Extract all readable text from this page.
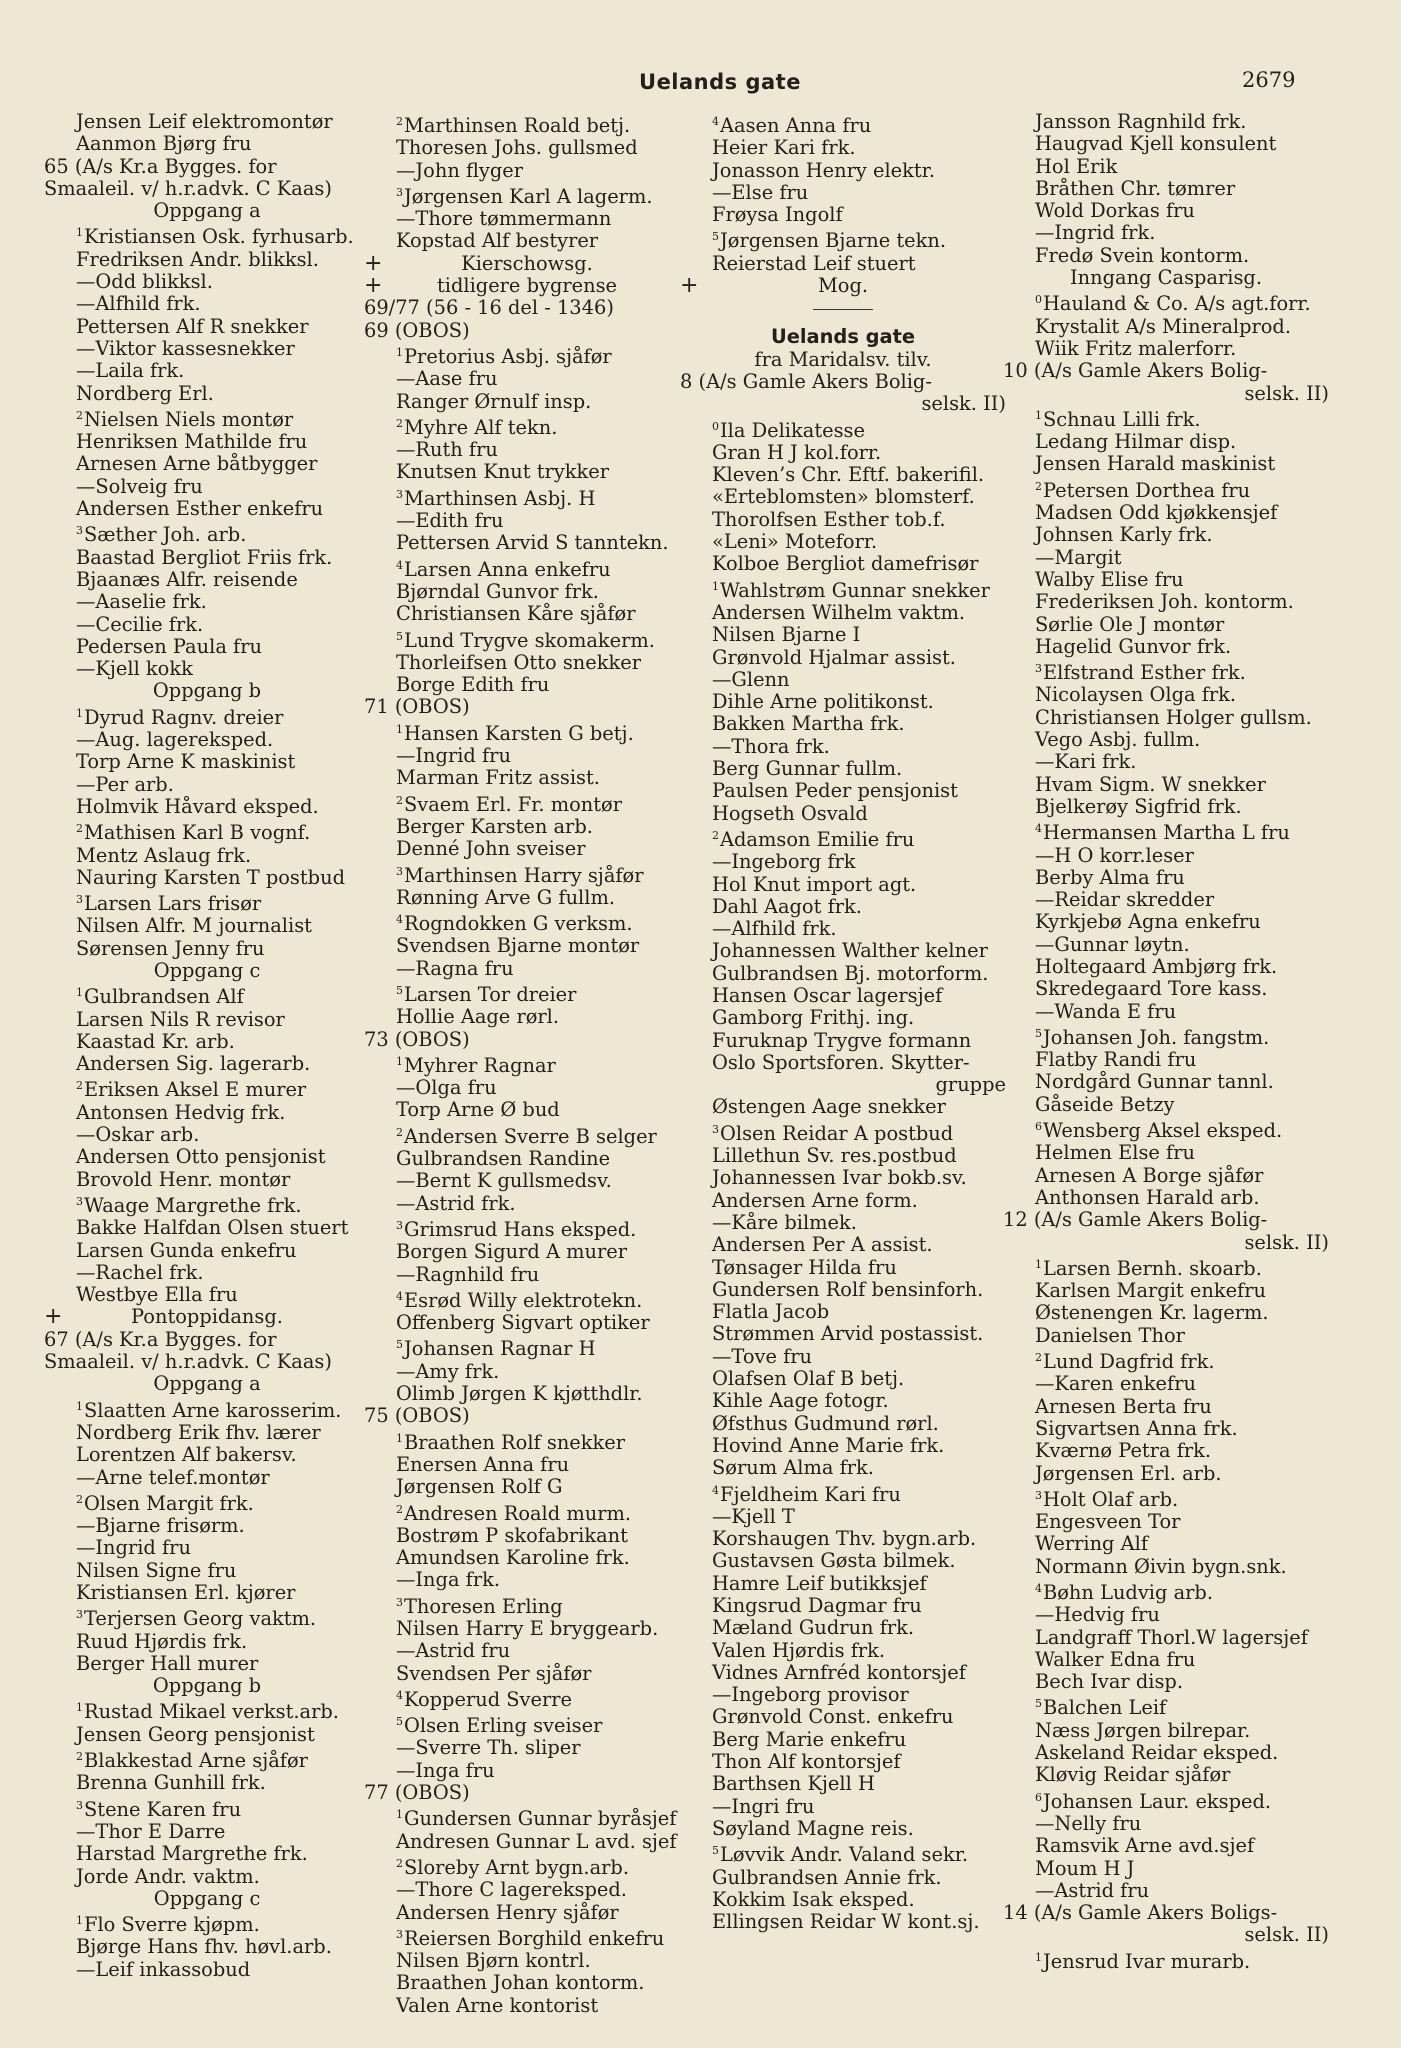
Uelands gate	2679
Jensen Leif elektromontør
Aanmon Bjørg fru
65 (A/s Kr.a Bygges. for
Smaaleil. v/ h.r.advk. C Kaas)
Oppgang a
$^1$Kristiansen Osk. fyrhusarb.
Fredriksen Andr. blikksl.
—Odd blikksl.
—Alfhild frk.
Pettersen Alf R snekker
—Viktor kassesnekker
—Laila frk.
Nordberg Erl.
$^2$Nielsen Niels montør
Henriksen Mathilde fru
Arnesen Arne båtbygger
—Solveig fru
Andersen Esther enkefru
$^3$Sæther Joh. arb.
Baastad Bergliot Friis frk.
Bjaanæs Alfr. reisende
—Aaselie frk.
—Cecilie frk.
Pedersen Paula fru
—Kjell kokk
Oppgang b
$^1$Dyrud Ragnv. dreier
—Aug. lagereksped.
Torp Arne K maskinist
—Per arb.
Holmvik Håvard eksped.
$^2$Mathisen Karl B vognf.
Mentz Aslaug frk.
Nauring Karsten T postbud
$^3$Larsen Lars frisør
Nilsen Alfr. M journalist
Sørensen Jenny fru
Oppgang c
$^1$Gulbrandsen Alf
Larsen Nils R revisor
Kaastad Kr. arb.
Andersen Sig. lagerarb.
$^2$Eriksen Aksel E murer
Antonsen Hedvig frk.
—Oskar arb.
Andersen Otto pensjonist
Brovold Henr. montør
$^3$Waage Margrethe frk.
Bakke Halfdan Olsen stuert
Larsen Gunda enkefru
—Rachel frk.
Westbye Ella fru
+	Pontoppidansg.
67 (A/s Kr.a Bygges. for
Smaaleil. v/ h.r.advk. C Kaas)
Oppgang a
$^1$Slaatten Arne karosserim.
Nordberg Erik fhv. lærer
Lorentzen Alf bakersv.
—Arne telef.montør
$^2$Olsen Margit frk.
—Bjarne frisørm.
—Ingrid fru
Nilsen Signe fru
Kristiansen Erl. kjører
$^3$Terjersen Georg vaktm.
Ruud Hjørdis frk.
Berger Hall murer
Oppgang b
$^1$Rustad Mikael verkst.arb.
Jensen Georg pensjonist
$^2$Blakkestad Arne sjåfør
Brenna Gunhill frk.
$^3$Stene Karen fru
—Thor E Darre
Harstad Margrethe frk.
Jorde Andr. vaktm.
Oppgang c
$^1$Flo Sverre kjøpm.
Bjørge Hans fhv. høvl.arb.
—Leif inkassobud
$^2$Marthinsen Roald betj.
Thoresen Johs. gullsmed
—John flyger
$^3$Jørgensen Karl A lagerm.
—Thore tømmermann
Kopstad Alf bestyrer
+	Kierschowsg.
+	tidligere bygrense
69/77 (56 - 16 del - 1346)
69 (OBOS)
$^1$Pretorius Asbj. sjåfør
—Aase fru
Ranger Ørnulf insp.
$^2$Myhre Alf tekn.
—Ruth fru
Knutsen Knut trykker
$^3$Marthinsen Asbj. H
—Edith fru
Pettersen Arvid S tanntekn.
$^4$Larsen Anna enkefru
Bjørndal Gunvor frk.
Christiansen Kåre sjåfør
$^5$Lund Trygve skomakerm.
Thorleifsen Otto snekker
Borge Edith fru
71 (OBOS)
$^1$Hansen Karsten G betj.
—Ingrid fru
Marman Fritz assist.
$^2$Svaem Erl. Fr. montør
Berger Karsten arb.
Denné John sveiser
$^3$Marthinsen Harry sjåfør
Rønning Arve G fullm.
$^4$Rogndokken G verksm.
Svendsen Bjarne montør
—Ragna fru
$^5$Larsen Tor dreier
Hollie Aage rørl.
73 (OBOS)
$^1$Myhrer Ragnar
—Olga fru
Torp Arne Ø bud
$^2$Andersen Sverre B selger
Gulbrandsen Randine
—Bernt K gullsmedsv.
—Astrid frk.
$^3$Grimsrud Hans eksped.
Borgen Sigurd A murer
—Ragnhild fru
$^4$Esrød Willy elektrotekn.
Offenberg Sigvart optiker
$^5$Johansen Ragnar H
—Amy frk.
Olimb Jørgen K kjøtthdlr.
75 (OBOS)
$^1$Braathen Rolf snekker
Enersen Anna fru
Jørgensen Rolf G
$^2$Andresen Roald murm.
Bostrøm P skofabrikant
Amundsen Karoline frk.
—Inga frk.
$^3$Thoresen Erling
Nilsen Harry E bryggearb.
—Astrid fru
Svendsen Per sjåfør
$^4$Kopperud Sverre
$^5$Olsen Erling sveiser
—Sverre Th. sliper
—Inga fru
77 (OBOS)
$^1$Gundersen Gunnar byråsjef
Andresen Gunnar L avd. sjef
$^2$Sloreby Arnt bygn.arb.
—Thore C lagereksped.
Andersen Henry sjåfør
$^3$Reiersen Borghild enkefru
Nilsen Bjørn kontrl.
Braathen Johan kontorm.
Valen Arne kontorist
$^4$Aasen Anna fru
Heier Kari frk.
Jonasson Henry elektr.
—Else fru
Frøysa Ingolf
$^5$Jørgensen Bjarne tekn.
Reierstad Leif stuert
+	Mog.
Uelands gate
fra Maridalsv. tilv.
8 (A/s Gamle Akers Bolig-
selsk. II)
$^0$Ila Delikatesse
Gran H J kol.forr.
Kleven’s Chr. Eftf. bakerifil.
«Erteblomsten» blomsterf.
Thorolfsen Esther tob.f.
«Leni» Moteforr.
Kolboe Bergliot damefrisør
$^1$Wahlstrøm Gunnar snekker
Andersen Wilhelm vaktm.
Nilsen Bjarne I
Grønvold Hjalmar assist.
—Glenn
Dihle Arne politikonst.
Bakken Martha frk.
—Thora frk.
Berg Gunnar fullm.
Paulsen Peder pensjonist
Hogseth Osvald
$^2$Adamson Emilie fru
—Ingeborg frk
Hol Knut import agt.
Dahl Aagot frk.
—Alfhild frk.
Johannessen Walther kelner
Gulbrandsen Bj. motorform.
Hansen Oscar lagersjef
Gamborg Frithj. ing.
Furuknap Trygve formann
Oslo Sportsforen. Skytter-
gruppe
Østengen Aage snekker
$^3$Olsen Reidar A postbud
Lillethun Sv. res.postbud
Johannessen Ivar bokb.sv.
Andersen Arne form.
—Kåre bilmek.
Andersen Per A assist.
Tønsager Hilda fru
Gundersen Rolf bensinforh.
Flatla Jacob
Strømmen Arvid postassist.
—Tove fru
Olafsen Olaf B betj.
Kihle Aage fotogr.
Øfsthus Gudmund rørl.
Hovind Anne Marie frk.
Sørum Alma frk.
$^4$Fjeldheim Kari fru
—Kjell T
Korshaugen Thv. bygn.arb.
Gustavsen Gøsta bilmek.
Hamre Leif butikksjef
Kingsrud Dagmar fru
Mæland Gudrun frk.
Valen Hjørdis frk.
Vidnes Arnfréd kontorsjef
—Ingeborg provisor
Grønvold Const. enkefru
Berg Marie enkefru
Thon Alf kontorsjef
Barthsen Kjell H
—Ingri fru
Søyland Magne reis.
$^5$Løvvik Andr. Valand sekr.
Gulbrandsen Annie frk.
Kokkim Isak eksped.
Ellingsen Reidar W kont.sj.
Jansson Ragnhild frk.
Haugvad Kjell konsulent
Hol Erik
Bråthen Chr. tømrer
Wold Dorkas fru
—Ingrid frk.
Fredø Svein kontorm.
Inngang Casparisg.
$^0$Hauland & Co. A/s agt.forr.
Krystalit A/s Mineralprod.
Wiik Fritz malerforr.
10 (A/s Gamle Akers Bolig-
selsk. II)
$^1$Schnau Lilli frk.
Ledang Hilmar disp.
Jensen Harald maskinist
$^2$Petersen Dorthea fru
Madsen Odd kjøkkensjef
Johnsen Karly frk.
—Margit
Walby Elise fru
Frederiksen Joh. kontorm.
Sørlie Ole J montør
Hagelid Gunvor frk.
$^3$Elfstrand Esther frk.
Nicolaysen Olga frk.
Christiansen Holger gullsm.
Vego Asbj. fullm.
—Kari frk.
Hvam Sigm. W snekker
Bjelkerøy Sigfrid frk.
$^4$Hermansen Martha L fru
—H O korr.leser
Berby Alma fru
—Reidar skredder
Kyrkjebø Agna enkefru
—Gunnar løytn.
Holtegaard Ambjørg frk.
Skredegaard Tore kass.
—Wanda E fru
$^5$Johansen Joh. fangstm.
Flatby Randi fru
Nordgård Gunnar tannl.
Gåseide Betzy
$^6$Wensberg Aksel eksped.
Helmen Else fru
Arnesen A Borge sjåfør
Anthonsen Harald arb.
12 (A/s Gamle Akers Bolig-
selsk. II)
$^1$Larsen Bernh. skoarb.
Karlsen Margit enkefru
Østenengen Kr. lagerm.
Danielsen Thor
$^2$Lund Dagfrid frk.
—Karen enkefru
Arnesen Berta fru
Sigvartsen Anna frk.
Kværnø Petra frk.
Jørgensen Erl. arb.
$^3$Holt Olaf arb.
Engesveen Tor
Werring Alf
Normann Øivin bygn.snk.
$^4$Bøhn Ludvig arb.
—Hedvig fru
Landgraff Thorl.W lagersjef
Walker Edna fru
Bech Ivar disp.
$^5$Balchen Leif
Næss Jørgen bilrepar.
Askeland Reidar eksped.
Kløvig Reidar sjåfør
$^6$Johansen Laur. eksped.
—Nelly fru
Ramsvik Arne avd.sjef
Moum H J
—Astrid fru
14 (A/s Gamle Akers Boligs-
selsk. II)
$^1$Jensrud Ivar murarb.
